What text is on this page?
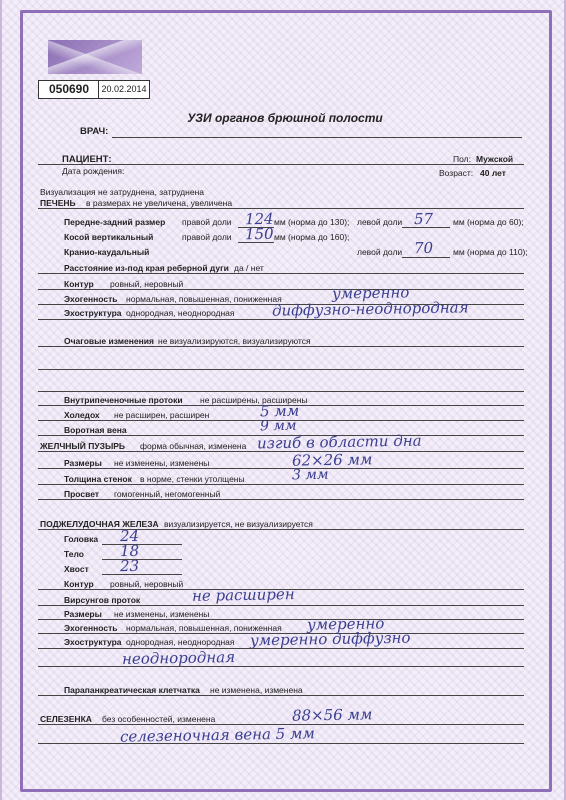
050690	20.02.2014
УЗИ органов брюшной полости
ВРАЧ:
ПАЦИЕНТ:	Пол: Мужской
Дата рождения:	Возраст: 40 лет
Визуализация не затруднена, затруднена
ПЕЧЕНЬ в размерах не увеличена, увеличена
Передне-задний размер правой доли 124 мм (норма до 130); левой доли 57 мм (норма до 60);
Косой вертикальный	правой доли 150 мм (норма до 160);
Кранио-каудальный	левой доли 70 мм (норма до 110);
Расстояние из-под края реберной дуги да / нет
Контур ровный, неровный
Эхогенность нормальная, повышенная, пониженная	умеренно
Эхоструктура однородная, неоднородная диффузно-неоднородная
Очаговые изменения не визуализируются, визуализируются
Внутрипеченочные протоки не расширены, расширены
Холедох не расширен, расширен	5 мм
Воротная вена	9 мм
ЖЕЛЧНЫЙ ПУЗЫРЬ форма обычная, изменена изгиб в области дна
Размеры не изменены, изменены	62×26 мм
Толщина стенок в норме, стенки утолщены	3 мм
Просвет гомогенный, негомогенный
ПОДЖЕЛУДОЧНАЯ ЖЕЛЕЗА визуализируется, не визуализируется
Головка 24
Тело 18
Хвост 23
Контур ровный, неровный
Вирсунгов проток	не расширен
Размеры не изменены, изменены
Эхогенность нормальная, повышенная, пониженная умеренно
Эхоструктура однородная, неоднородная умеренно диффузно
неоднородная
Парапанкреатическая клетчатка не изменена, изменена
СЕЛЕЗЕНКА без особенностей, изменена	88×56 мм
селезеночная вена 5 мм
